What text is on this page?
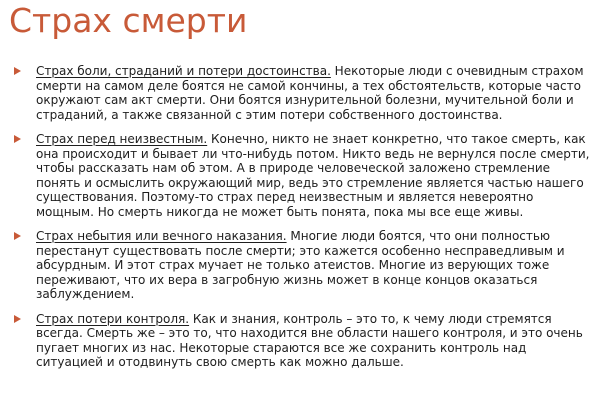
Страх смерти
Страх боли, страданий и потери достоинства. Некоторые люди с очевидным страхом смерти на самом деле боятся не самой кончины, а тех обстоятельств, которые часто окружают сам акт смерти. Они боятся изнурительной болезни, мучительной боли и страданий, а также связанной с этим потери собственного достоинства.
Страх перед неизвестным. Конечно, никто не знает конкретно, что такое смерть, как она происходит и бывает ли что-нибудь потом. Никто ведь не вернулся после смерти, чтобы рассказать нам об этом. А в природе человеческой заложено стремление понять и осмыслить окружающий мир, ведь это стремление является частью нашего существования. Поэтому-то страх перед неизвестным и является невероятно мощным. Но смерть никогда не может быть понята, пока мы все еще живы.
Страх небытия или вечного наказания. Многие люди боятся, что они полностью перестанут существовать после смерти; это кажется особенно несправедливым и абсурдным. И этот страх мучает не только атеистов. Многие из верующих тоже переживают, что их вера в загробную жизнь может в конце концов оказаться заблуждением.
Страх потери контроля. Как и знания, контроль – это то, к чему люди стремятся всегда. Смерть же – это то, что находится вне области нашего контроля, и это очень пугает многих из нас. Некоторые стараются все же сохранить контроль над ситуацией и отодвинуть свою смерть как можно дальше.
